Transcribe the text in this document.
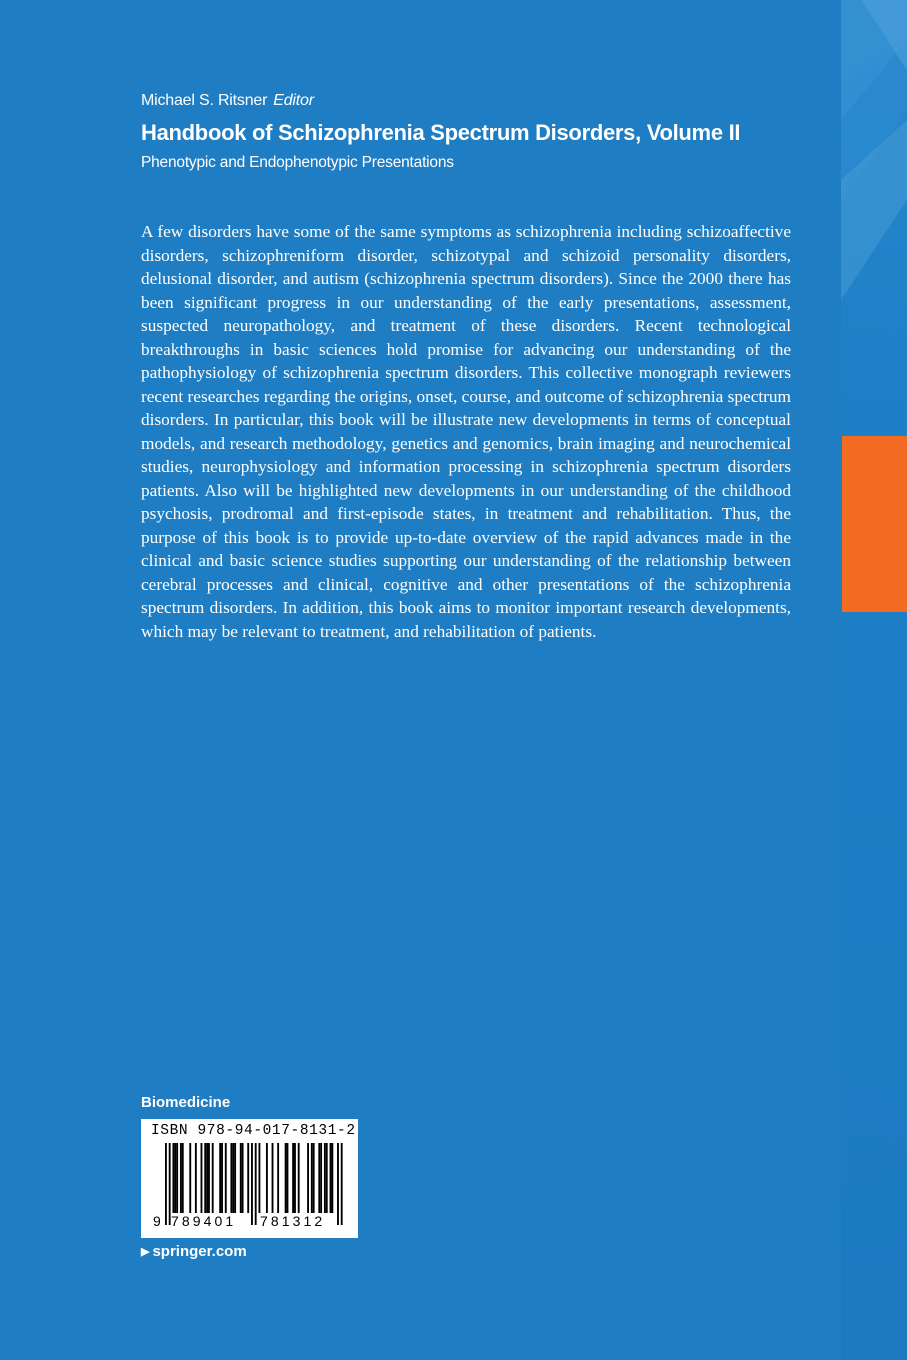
Michael S. Ritsner Editor
Handbook of Schizophrenia Spectrum Disorders, Volume II
Phenotypic and Endophenotypic Presentations
A few disorders have some of the same symptoms as schizophrenia including schizoaffective disorders, schizophreniform disorder, schizotypal and schizoid personality disorders, delusional disorder, and autism (schizophrenia spectrum disorders). Since the 2000 there has been significant progress in our understanding of the early presentations, assessment, suspected neuropathology, and treatment of these disorders. Recent technological breakthroughs in basic sciences hold promise for advancing our understanding of the pathophysiology of schizophrenia spectrum disorders. This collective monograph reviewers recent researches regarding the origins, onset, course, and outcome of schizophrenia spectrum disorders. In particular, this book will be illustrate new developments in terms of conceptual models, and research methodology, genetics and genomics, brain imaging and neurochemical studies, neurophysiology and information processing in schizophrenia spectrum disorders patients. Also will be highlighted new developments in our understanding of the childhood psychosis, prodromal and first-episode states, in treatment and rehabilitation. Thus, the purpose of this book is to provide up-to-date overview of the rapid advances made in the clinical and basic science studies supporting our understanding of the relationship between cerebral processes and clinical, cognitive and other presentations of the schizophrenia spectrum disorders. In addition, this book aims to monitor important research developments, which may be relevant to treatment, and rehabilitation of patients.
Biomedicine
ISBN 978-94-017-8131-2
9 789401 781312
▶ springer.com
